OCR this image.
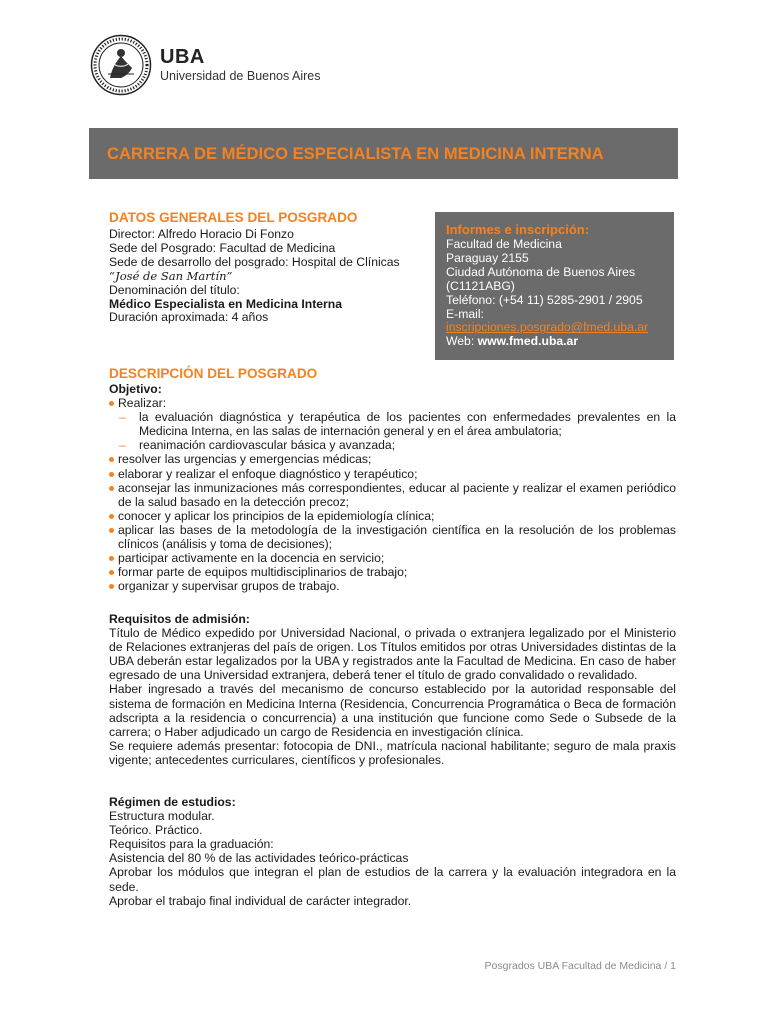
UBA
Universidad de Buenos Aires
CARRERA DE MÉDICO ESPECIALISTA EN MEDICINA INTERNA
DATOS GENERALES DEL POSGRADO
Director: Alfredo Horacio Di Fonzo
Sede del Posgrado: Facultad de Medicina
Sede de desarrollo del posgrado: Hospital de Clínicas
“José de San Martín”
Denominación del título:
Médico Especialista en Medicina Interna
Duración aproximada: 4 años
Informes e inscripción:
Facultad de Medicina
Paraguay 2155
Ciudad Autónoma de Buenos Aires
(C1121ABG)
Teléfono: (+54 11) 5285-2901 / 2905
E-mail:
inscripciones.posgrado@fmed.uba.ar
Web: www.fmed.uba.ar
DESCRIPCIÓN DEL POSGRADO
Objetivo:
Realizar:
– la evaluación diagnóstica y terapéutica de los pacientes con enfermedades prevalentes en la Medicina Interna, en las salas de internación general y en el área ambulatoria;
– reanimación cardiovascular básica y avanzada;
resolver las urgencias y emergencias médicas;
elaborar y realizar el enfoque diagnóstico y terapéutico;
aconsejar las inmunizaciones más correspondientes, educar al paciente y realizar el examen periódico de la salud basado en la detección precoz;
conocer y aplicar los principios de la epidemiología clínica;
aplicar las bases de la metodología de la investigación científica en la resolución de los problemas clínicos (análisis y toma de decisiones);
participar activamente en la docencia en servicio;
formar parte de equipos multidisciplinarios de trabajo;
organizar y supervisar grupos de trabajo.
Requisitos de admisión:
Título de Médico expedido por Universidad Nacional, o privada o extranjera legalizado por el Ministerio de Relaciones extranjeras del país de origen. Los Títulos emitidos por otras Universidades distintas de la UBA deberán estar legalizados por la UBA y registrados ante la Facultad de Medicina. En caso de haber egresado de una Universidad extranjera, deberá tener el título de grado convalidado o revalidado.
Haber ingresado a través del mecanismo de concurso establecido por la autoridad responsable del sistema de formación en Medicina Interna (Residencia, Concurrencia Programática o Beca de formación adscripta a la residencia o concurrencia) a una institución que funcione como Sede o Subsede de la carrera; o Haber adjudicado un cargo de Residencia en investigación clínica.
Se requiere además presentar: fotocopia de DNI., matrícula nacional habilitante; seguro de mala praxis vigente; antecedentes curriculares, científicos y profesionales.
Régimen de estudios:
Estructura modular.
Teórico. Práctico.
Requisitos para la graduación:
Asistencia del 80 % de las actividades teórico-prácticas
Aprobar los módulos que integran el plan de estudios de la carrera y la evaluación integradora en la sede.
Aprobar el trabajo final individual de carácter integrador.
Posgrados UBA Facultad de Medicina / 1
